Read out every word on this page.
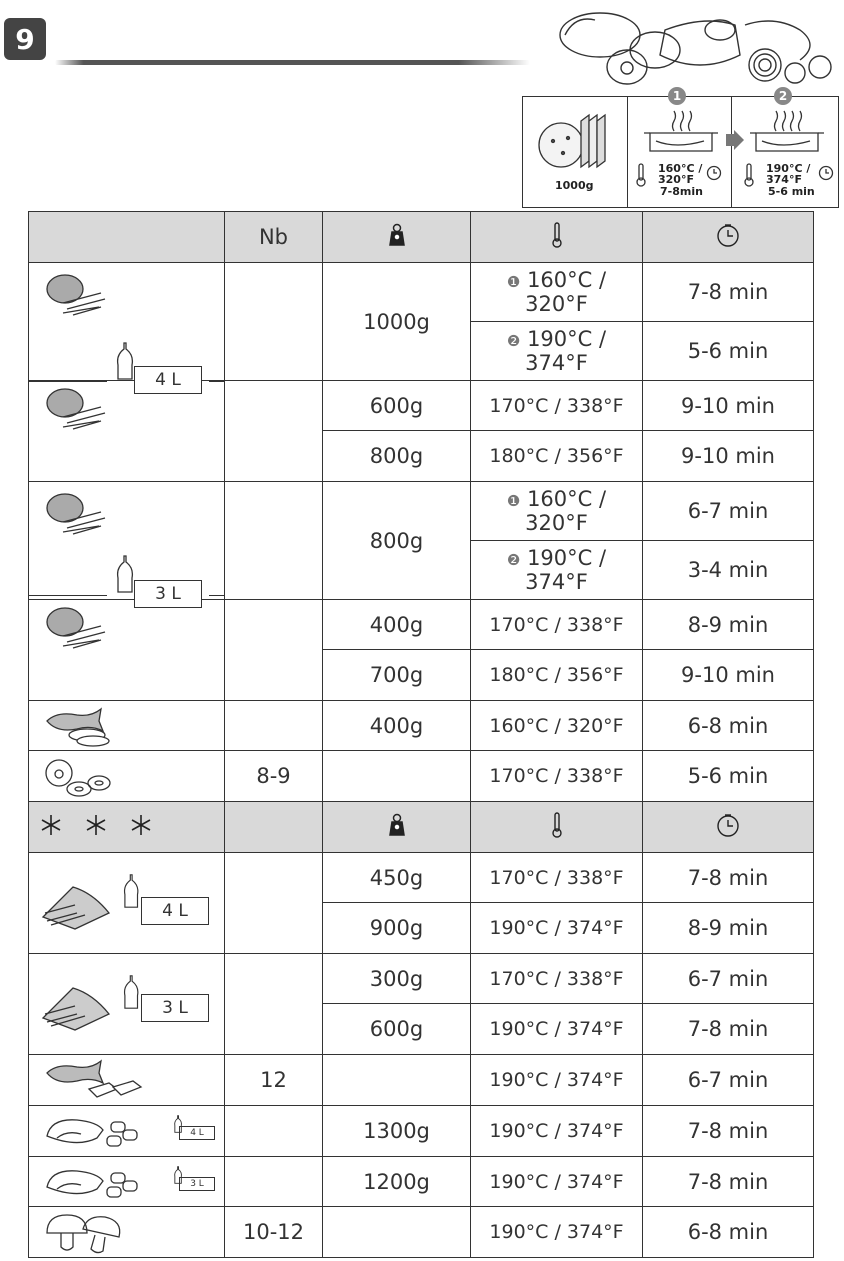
9
1000g
1
160°C / 320°F
7-8min
2
190°C / 374°F
5-6 min
	Nb			

4 L		1000g	❶ 160°C /
320°F	7-8 min

			❷ 190°C /
374°F	5-6 min

		600g	170°C / 338°F	9-10 min
		800g	180°C / 356°F	9-10 min

3 L		800g	❶ 160°C /
320°F	6-7 min

			❷ 190°C /
374°F	3-4 min

		400g	170°C / 338°F	8-9 min
		700g	180°C / 356°F	9-10 min

		400g	160°C / 320°F	6-8 min

	8-9		170°C / 338°F	5-6 min

4 L		450g	170°C / 338°F	7-8 min
		900g	190°C / 374°F	8-9 min

3 L		300g	170°C / 338°F	6-7 min
		600g	190°C / 374°F	7-8 min

	12		190°C / 374°F	6-7 min

4 L		1300g	190°C / 374°F	7-8 min

3 L		1200g	190°C / 374°F	7-8 min

	10-12		190°C / 374°F	6-8 min
